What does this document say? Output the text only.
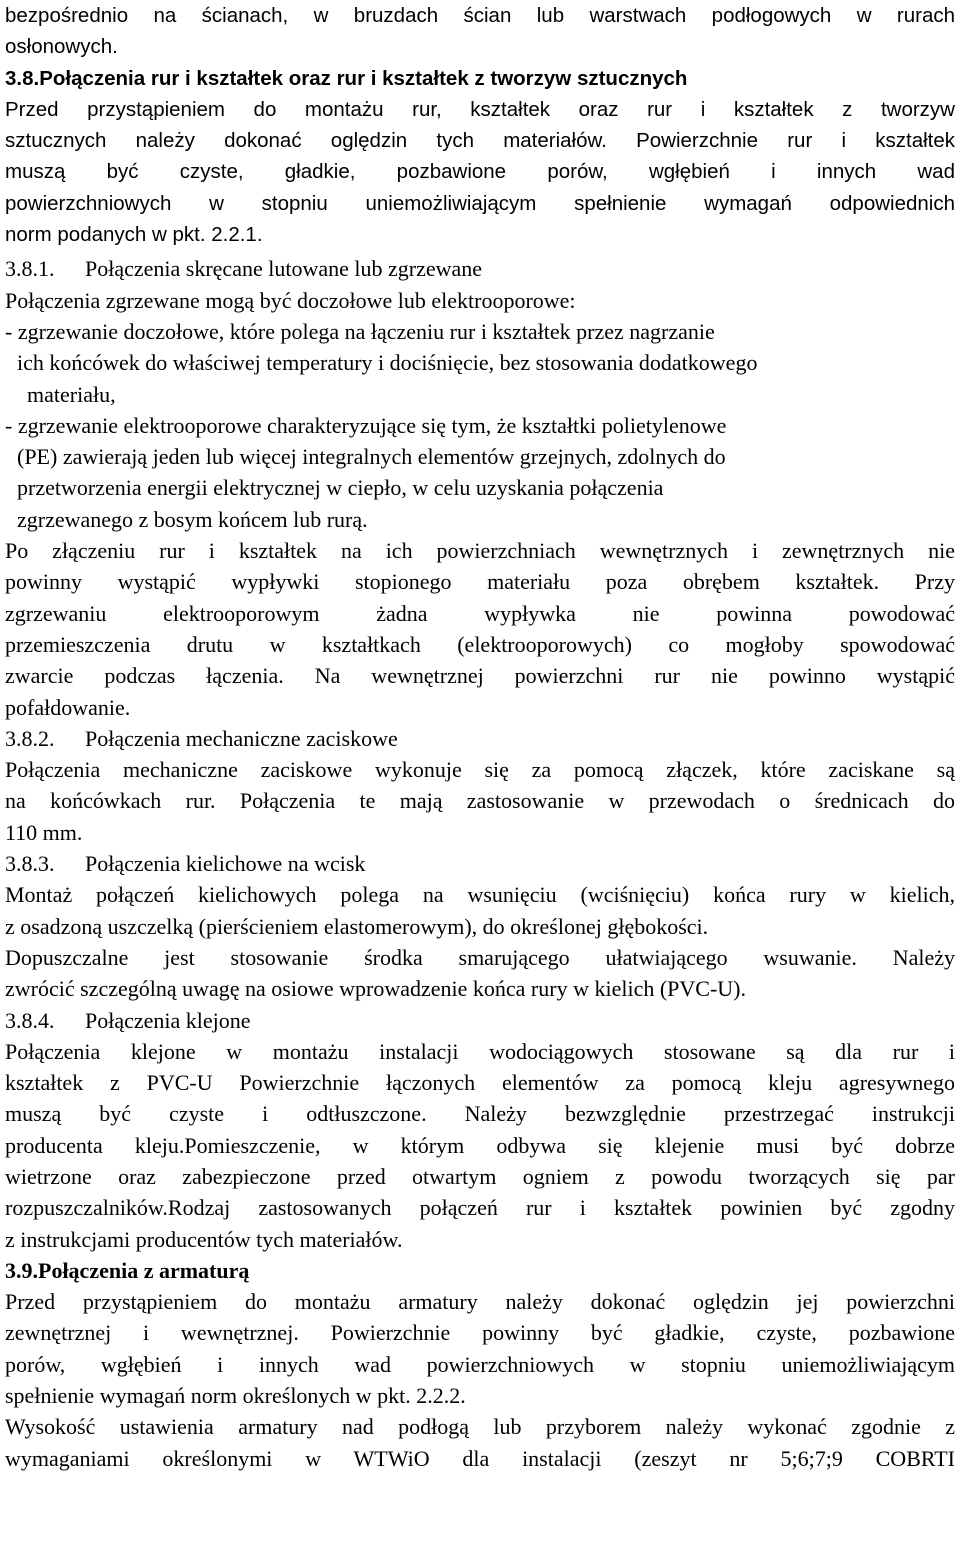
bezpośrednio na ścianach, w bruzdach ścian lub warstwach podłogowych w rurach
osłonowych.
3.8.Połączenia rur i kształtek oraz rur i kształtek z tworzyw sztucznych
Przed przystąpieniem do montażu rur, kształtek oraz rur i kształtek z tworzyw
sztucznych należy dokonać oględzin tych materiałów. Powierzchnie rur i kształtek
muszą być czyste, gładkie, pozbawione porów, wgłębień i innych wad
powierzchniowych w stopniu uniemożliwiającym spełnienie wymagań odpowiednich
norm podanych w pkt. 2.2.1.
3.8.1. Połączenia skręcane lutowane lub zgrzewane
Połączenia zgrzewane mogą być doczołowe lub elektrooporowe:
- zgrzewanie doczołowe, które polega na łączeniu rur i kształtek przez nagrzanie
ich końcówek do właściwej temperatury i dociśnięcie, bez stosowania dodatkowego
materiału,
- zgrzewanie elektrooporowe charakteryzujące się tym, że kształtki polietylenowe
(PE) zawierają jeden lub więcej integralnych elementów grzejnych, zdolnych do
przetworzenia energii elektrycznej w ciepło, w celu uzyskania połączenia
zgrzewanego z bosym końcem lub rurą.
Po złączeniu rur i kształtek na ich powierzchniach wewnętrznych i zewnętrznych nie
powinny wystąpić wypływki stopionego materiału poza obrębem kształtek. Przy
zgrzewaniu elektrooporowym żadna wypływka nie powinna powodować
przemieszczenia drutu w kształtkach (elektrooporowych) co mogłoby spowodować
zwarcie podczas łączenia. Na wewnętrznej powierzchni rur nie powinno wystąpić
pofałdowanie.
3.8.2. Połączenia mechaniczne zaciskowe
Połączenia mechaniczne zaciskowe wykonuje się za pomocą złączek, które zaciskane są
na końcówkach rur. Połączenia te mają zastosowanie w przewodach o średnicach do
110 mm.
3.8.3. Połączenia kielichowe na wcisk
Montaż połączeń kielichowych polega na wsunięciu (wciśnięciu) końca rury w kielich,
z osadzoną uszczelką (pierścieniem elastomerowym), do określonej głębokości.
Dopuszczalne jest stosowanie środka smarującego ułatwiającego wsuwanie. Należy
zwrócić szczególną uwagę na osiowe wprowadzenie końca rury w kielich (PVC-U).
3.8.4. Połączenia klejone
Połączenia klejone w montażu instalacji wodociągowych stosowane są dla rur i
kształtek z PVC-U Powierzchnie łączonych elementów za pomocą kleju agresywnego
muszą być czyste i odtłuszczone. Należy bezwzględnie przestrzegać instrukcji
producenta kleju.Pomieszczenie, w którym odbywa się klejenie musi być dobrze
wietrzone oraz zabezpieczone przed otwartym ogniem z powodu tworzących się par
rozpuszczalników.Rodzaj zastosowanych połączeń rur i kształtek powinien być zgodny
z instrukcjami producentów tych materiałów.
3.9.Połączenia z armaturą
Przed przystąpieniem do montażu armatury należy dokonać oględzin jej powierzchni
zewnętrznej i wewnętrznej. Powierzchnie powinny być gładkie, czyste, pozbawione
porów, wgłębień i innych wad powierzchniowych w stopniu uniemożliwiającym
spełnienie wymagań norm określonych w pkt. 2.2.2.
Wysokość ustawienia armatury nad podłogą lub przyborem należy wykonać zgodnie z
wymaganiami określonymi w WTWiO dla instalacji (zeszyt nr 5;6;7;9 COBRTI
